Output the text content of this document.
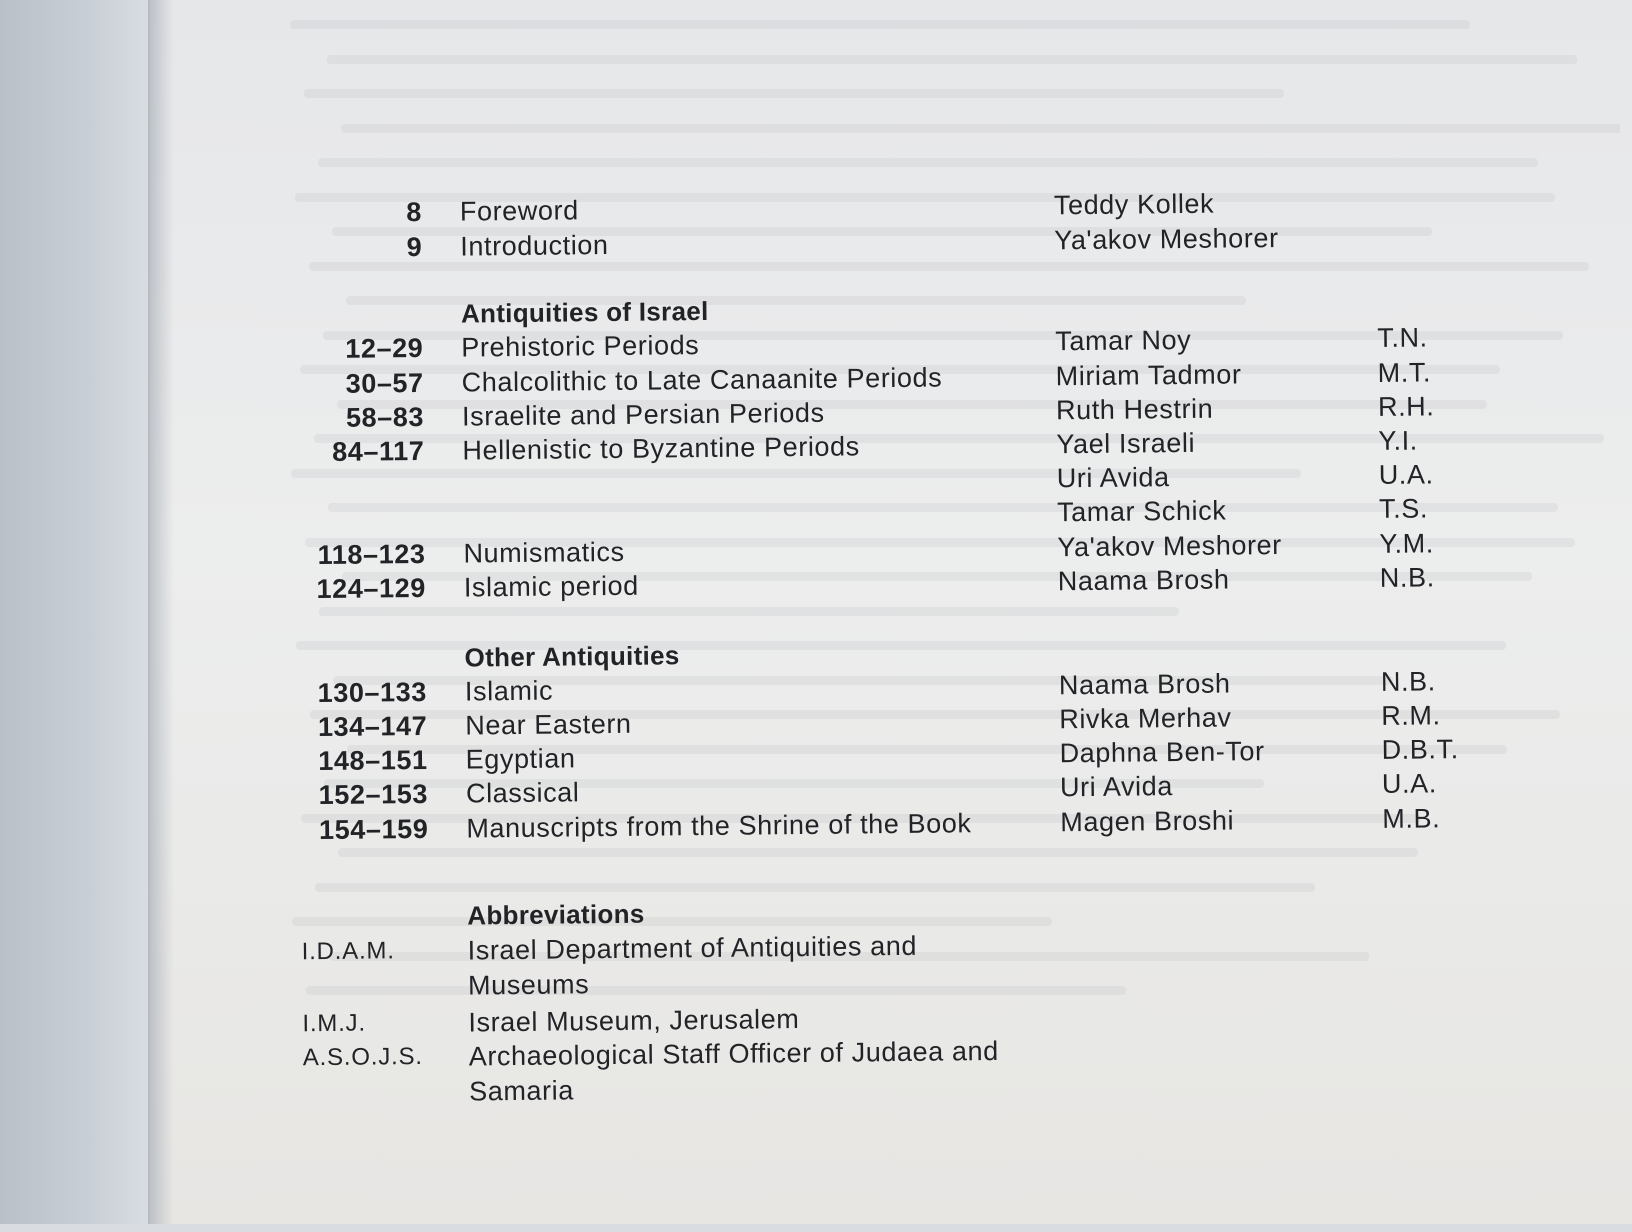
8 Foreword	Teddy Kollek
9 Introduction	Ya'akov Meshorer
Antiquities of Israel
12–29 Prehistoric Periods	Tamar Noy	T.N.
30–57 Chalcolithic to Late Canaanite Periods	Miriam Tadmor	M.T.
58–83 Israelite and Persian Periods	Ruth Hestrin	R.H.
84–117 Hellenistic to Byzantine Periods	Yael Israeli	Y.I.
Uri Avida	U.A.
Tamar Schick	T.S.
118–123 Numismatics	Ya'akov Meshorer	Y.M.
124–129 Islamic period	Naama Brosh	N.B.
Other Antiquities
130–133 Islamic	Naama Brosh	N.B.
134–147 Near Eastern	Rivka Merhav	R.M.
148–151 Egyptian	Daphna Ben-Tor	D.B.T.
152–153 Classical	Uri Avida	U.A.
154–159 Manuscripts from the Shrine of the Book	Magen Broshi	M.B.
Abbreviations
I.D.A.M.	Israel Department of Antiquities and
Museums
I.M.J.	Israel Museum, Jerusalem
A.S.O.J.S. Archaeological Staff Officer of Judaea and
Samaria
